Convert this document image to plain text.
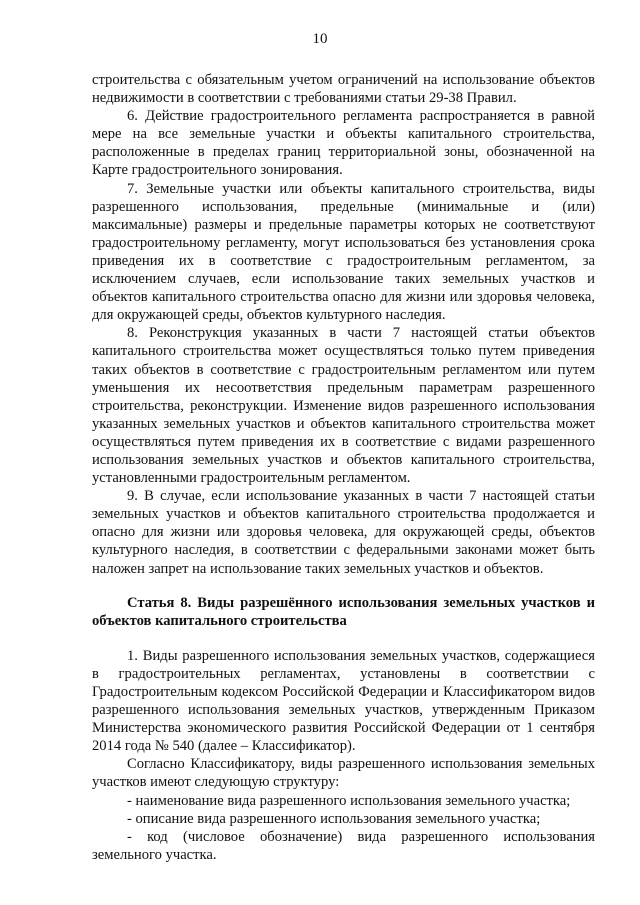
10

строительства с обязательным учетом ограничений на использование объектов недвижимости в соответствии с требованиями статьи 29-38 Правил.

6. Действие градостроительного регламента распространяется в равной мере на все земельные участки и объекты капитального строительства, расположенные в пределах границ территориальной зоны, обозначенной на Карте градостроительного зонирования.

7. Земельные участки или объекты капитального строительства, виды разрешенного использования, предельные (минимальные и (или) максимальные) размеры и предельные параметры которых не соответствуют градостроительному регламенту, могут использоваться без установления срока приведения их в соответствие с градостроительным регламентом, за исключением случаев, если использование таких земельных участков и объектов капитального строительства опасно для жизни или здоровья человека, для окружающей среды, объектов культурного наследия.

8. Реконструкция указанных в части 7 настоящей статьи объектов капитального строительства может осуществляться только путем приведения таких объектов в соответствие с градостроительным регламентом или путем уменьшения их несоответствия предельным параметрам разрешенного строительства, реконструкции. Изменение видов разрешенного использования указанных земельных участков и объектов капитального строительства может осуществляться путем приведения их в соответствие с видами разрешенного использования земельных участков и объектов капитального строительства, установленными градостроительным регламентом.

9. В случае, если использование указанных в части 7 настоящей статьи земельных участков и объектов капитального строительства продолжается и опасно для жизни или здоровья человека, для окружающей среды, объектов культурного наследия, в соответствии с федеральными законами может быть наложен запрет на использование таких земельных участков и объектов.

Статья 8. Виды разрешённого использования земельных участков и объектов капитального строительства

1. Виды разрешенного использования земельных участков, содержащиеся в градостроительных регламентах, установлены в соответствии с Градостроительным кодексом Российской Федерации и Классификатором видов разрешенного использования земельных участков, утвержденным Приказом Министерства экономического развития Российской Федерации от 1 сентября 2014 года № 540 (далее – Классификатор).

Согласно Классификатору, виды разрешенного использования земельных участков имеют следующую структуру:

- наименование вида разрешенного использования земельного участка;

- описание вида разрешенного использования земельного участка;

- код (числовое обозначение) вида разрешенного использования земельного участка.
